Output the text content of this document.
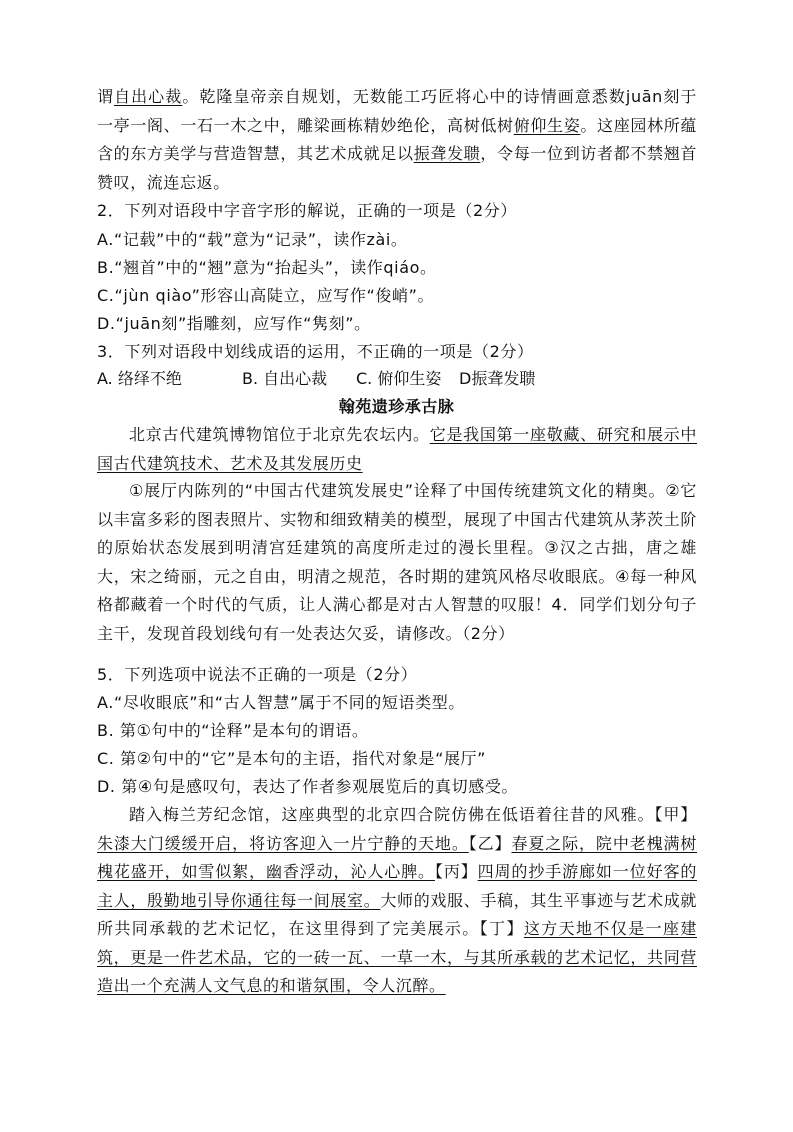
谓自出心裁。乾隆皇帝亲自规划，无数能工巧匠将心中的诗情画意悉数juān刻于一亭一阁、一石一木之中，雕梁画栋精妙绝伦，高树低树俯仰生姿。这座园林所蕴含的东方美学与营造智慧，其艺术成就足以振聋发聩，令每一位到访者都不禁翘首赞叹，流连忘返。
2．下列对语段中字音字形的解说，正确的一项是（2分）
A.“记载”中的“载”意为“记录”，读作zài。
B.“翘首”中的“翘”意为“抬起头”，读作qiáo。
C.“jùn qiào”形容山高陡立，应写作“俊峭”。
D.“juān刻”指雕刻，应写作“隽刻”。
3．下列对语段中划线成语的运用，不正确的一项是（2分）
A. 络绎不绝	B. 自出心裁 C. 俯仰生姿 D振聋发聩
翰苑遗珍承古脉
北京古代建筑博物馆位于北京先农坛内。它是我国第一座敬藏、研究和展示中国古代建筑技术、艺术及其发展历史
①展厅内陈列的“中国古代建筑发展史”诠释了中国传统建筑文化的精奥。②它以丰富多彩的图表照片、实物和细致精美的模型，展现了中国古代建筑从茅茨土阶的原始状态发展到明清宫廷建筑的高度所走过的漫长里程。③汉之古拙，唐之雄大，宋之绮丽，元之自由，明清之规范，各时期的建筑风格尽收眼底。④每一种风格都藏着一个时代的气质，让人满心都是对古人智慧的叹服！4．同学们划分句子主干，发现首段划线句有一处表达欠妥，请修改。（2分）
5．下列选项中说法不正确的一项是（2分）
A.“尽收眼底”和“古人智慧”属于不同的短语类型。
B. 第①句中的“诠释”是本句的谓语。
C. 第②句中的“它”是本句的主语，指代对象是“展厅”
D. 第④句是感叹句，表达了作者参观展览后的真切感受。
踏入梅兰芳纪念馆，这座典型的北京四合院仿佛在低语着往昔的风雅。【甲】朱漆大门缓缓开启，将访客迎入一片宁静的天地。【乙】春夏之际，院中老槐满树槐花盛开，如雪似絮，幽香浮动，沁人心脾。【丙】四周的抄手游廊如一位好客的主人，殷勤地引导你通往每一间展室。大师的戏服、手稿，其生平事迹与艺术成就所共同承载的艺术记忆，在这里得到了完美展示。【丁】这方天地不仅是一座建筑，更是一件艺术品，它的一砖一瓦、一草一木，与其所承载的艺术记忆，共同营造出一个充满人文气息的和谐氛围，令人沉醉。
